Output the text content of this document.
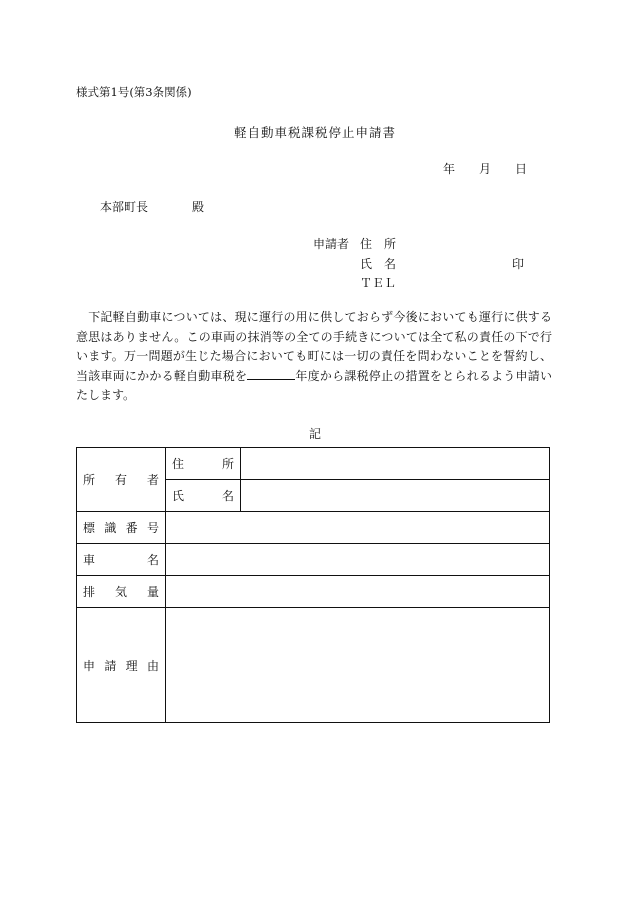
様式第1号(第3条関係)
軽自動車税課税停止申請書
年 月 日
本部町長	殿
申請者 住　所
氏　名	印
ＴＥＬ
下記軽自動車については、現に運行の用に供しておらず今後においても運行に供する意思はありません。この車両の抹消等の全ての手続きについては全て私の責任の下で行います。万一問題が生じた場合においても町には一切の責任を問わないことを誓約し、当該車両にかかる軽自動車税を	年度から課税停止の措置をとられるよう申請いたします。
記
所 有 者	住 所	

	氏 名	

標 識 番 号		

車 名		

排 気 量		

申 請 理 由		
